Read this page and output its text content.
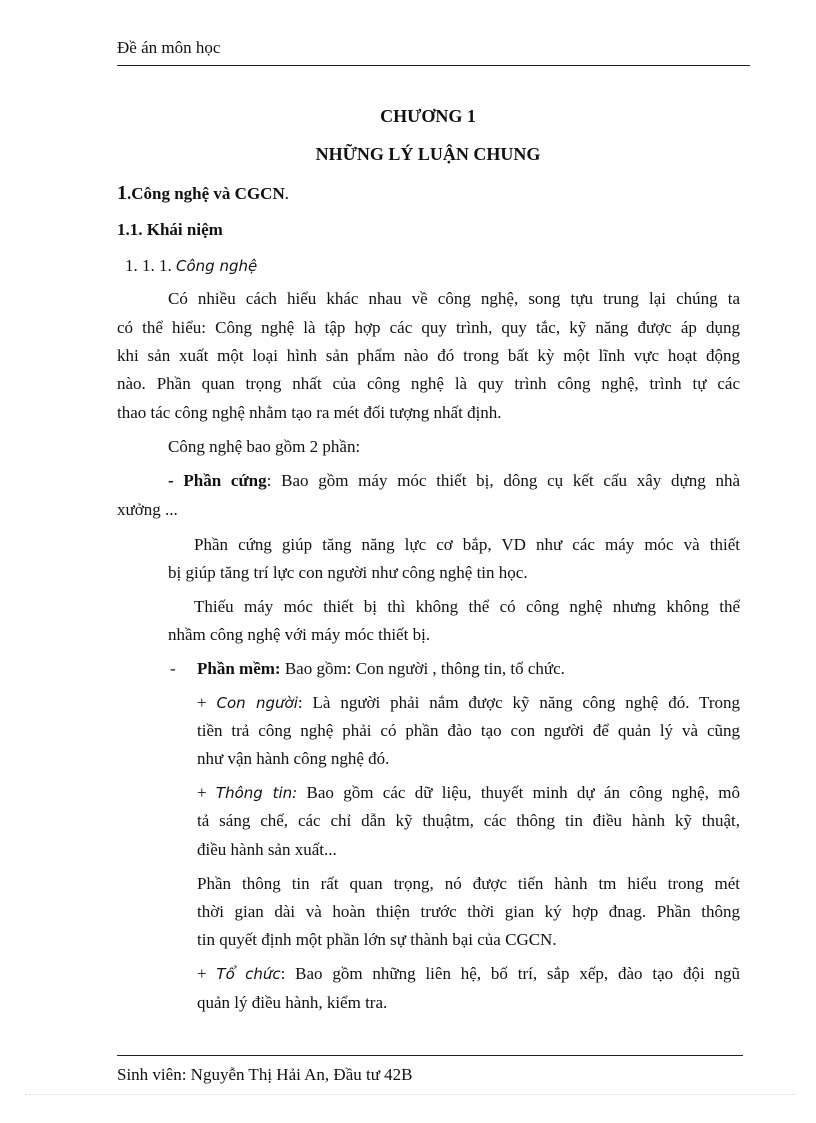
Đề án môn học
CHƯƠNG 1
NHỮNG LÝ LUẬN CHUNG
1.Công nghệ và CGCN.
1.1. Khái niệm
1. 1. 1. Công nghệ
Có nhiều cách hiểu khác nhau về công nghệ, song tựu trung lại chúng ta
có thể hiểu: Công nghệ là tập hợp các quy trình, quy tắc, kỹ năng được áp dụng
khi sản xuất một loại hình sản phẩm nào đó trong bất kỳ một lĩnh vực hoạt động
nào. Phần quan trọng nhất của công nghệ là quy trình công nghệ, trình tự các
thao tác công nghệ nhằm tạo ra mét đối tượng nhất định.
Công nghệ bao gồm 2 phần:
- Phần cứng: Bao gồm máy móc thiết bị, dông cụ kết cấu xây dựng nhà
xưởng ...
Phần cứng giúp tăng năng lực cơ bắp, VD như các máy móc và thiết
bị giúp tăng trí lực con người như công nghệ tin học.
Thiếu máy móc thiết bị thì không thể có công nghệ nhưng không thể
nhầm công nghệ với máy móc thiết bị.
- Phần mềm: Bao gồm: Con người , thông tin, tổ chức.
+ Con người: Là người phải nắm được kỹ năng công nghệ đó. Trong
tiền trả công nghệ phải có phần đào tạo con người để quản lý và cũng
như vận hành công nghệ đó.
+ Thông tin: Bao gồm các dữ liệu, thuyết minh dự án công nghệ, mô
tả sáng chế, các chỉ dẫn kỹ thuậtm, các thông tin điều hành kỹ thuật,
điều hành sản xuất...
Phần thông tin rất quan trọng, nó được tiến hành tm hiểu trong mét
thời gian dài và hoàn thiện trước thời gian ký hợp đnag. Phần thông
tin quyết định một phần lớn sự thành bại của CGCN.
+ Tổ chức: Bao gồm những liên hệ, bố trí, sắp xếp, đào tạo đội ngũ
quản lý điều hành, kiểm tra.
Sinh viên: Nguyễn Thị Hải An, Đầu tư 42B
